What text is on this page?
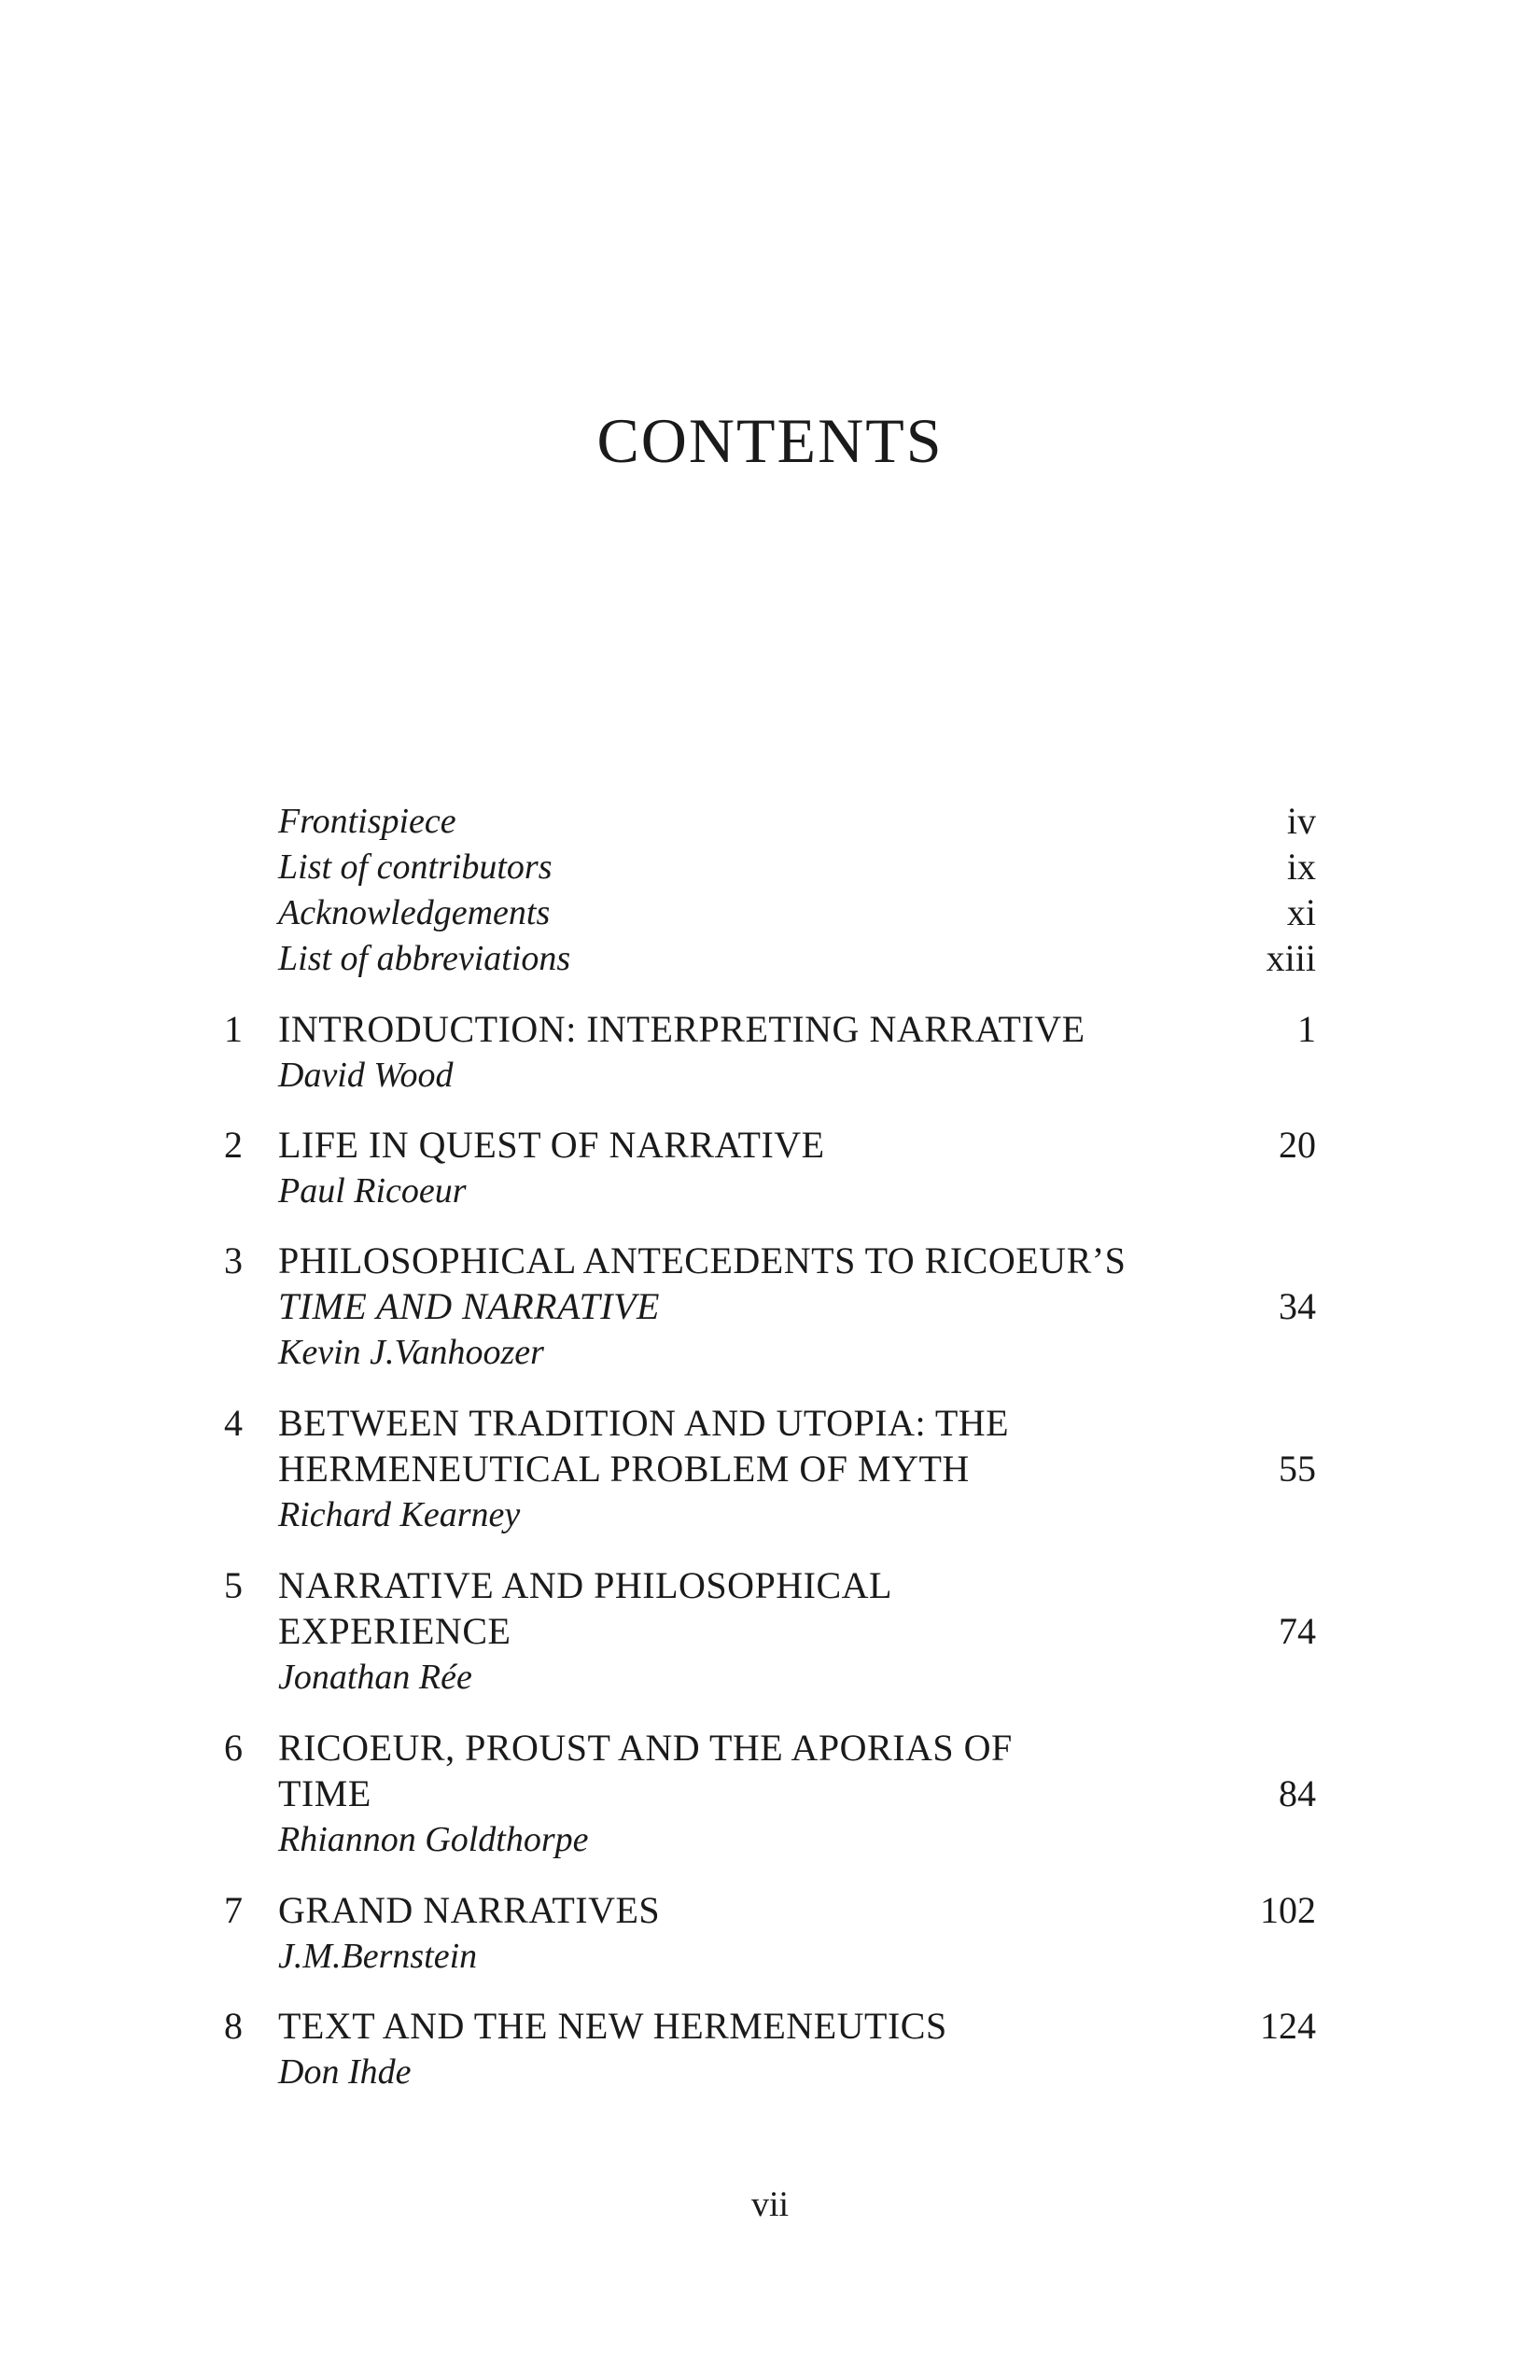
CONTENTS
Frontispiece	iv
List of contributors	ix
Acknowledgements	xi
List of abbreviations	xiii
1 INTRODUCTION: INTERPRETING NARRATIVE	1
David Wood
2 LIFE IN QUEST OF NARRATIVE	20
Paul Ricoeur
3 PHILOSOPHICAL ANTECEDENTS TO RICOEUR’S
TIME AND NARRATIVE	34
Kevin J.Vanhoozer
4 BETWEEN TRADITION AND UTOPIA: THE
HERMENEUTICAL PROBLEM OF MYTH	55
Richard Kearney
5 NARRATIVE AND PHILOSOPHICAL
EXPERIENCE	74
Jonathan Rée
6 RICOEUR, PROUST AND THE APORIAS OF
TIME	84
Rhiannon Goldthorpe
7 GRAND NARRATIVES	102
J.M.Bernstein
8 TEXT AND THE NEW HERMENEUTICS	124
Don Ihde
vii
